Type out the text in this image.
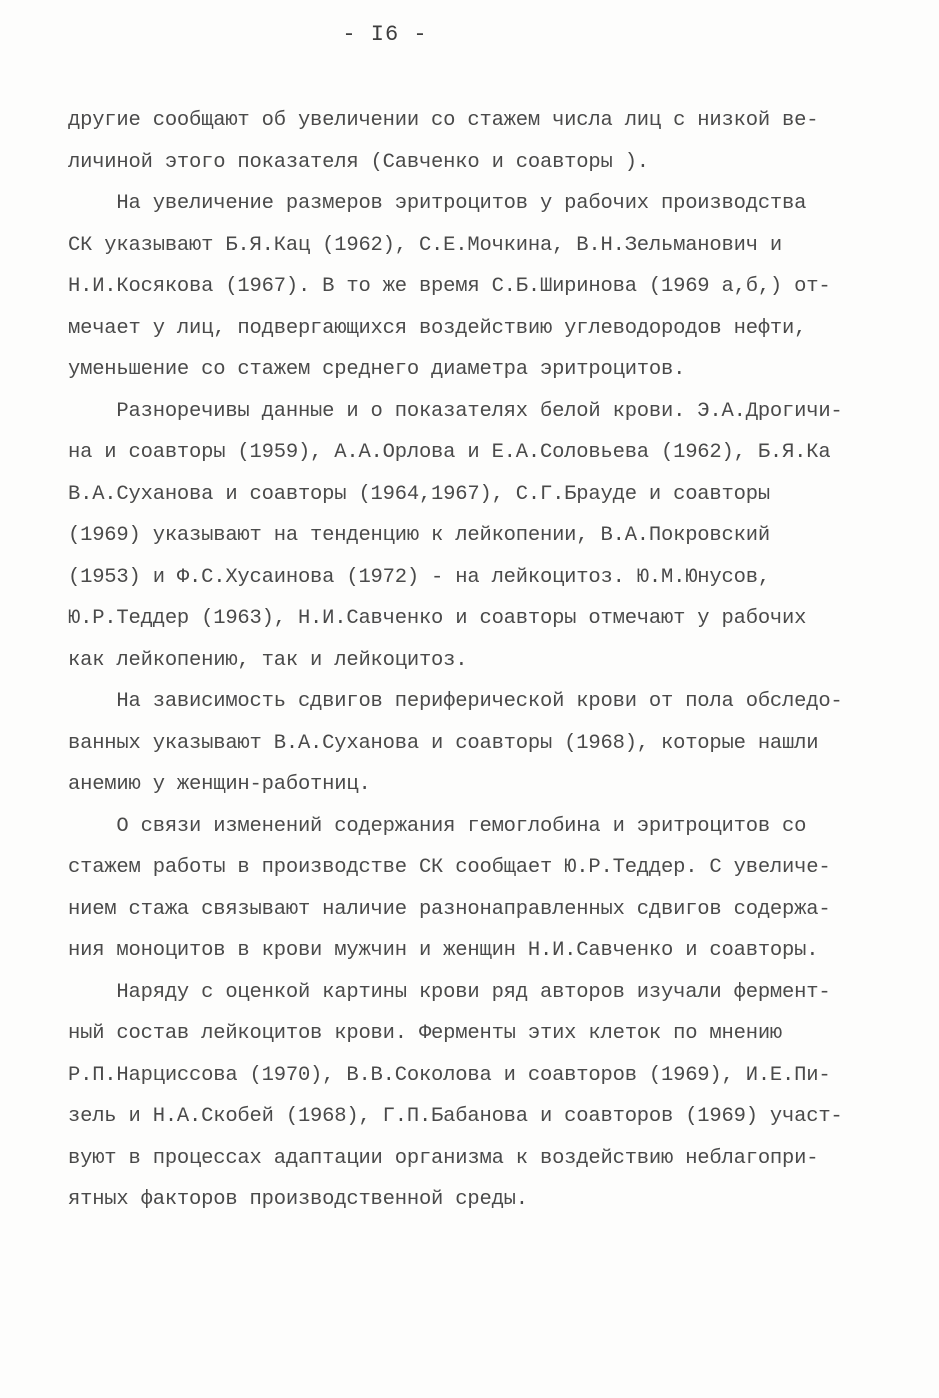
- I6 -
другие сообщают об увеличении со стажем числа лиц с низкой ве-
личиной этого показателя (Савченко и соавторы ).
На увеличение размеров эритроцитов у рабочих производства
СК указывают Б.Я.Кац (1962), С.Е.Мочкина, В.Н.Зельманович и
Н.И.Косякова (1967). В то же время С.Б.Ширинова (1969 а,б,) от-
мечает у лиц, подвергающихся воздействию углеводородов нефти,
уменьшение со стажем среднего диаметра эритроцитов.
Разноречивы данные и о показателях белой крови. Э.А.Дрогичи-
на и соавторы (1959), А.А.Орлова и Е.А.Соловьева (1962), Б.Я.Ка
В.А.Суханова и соавторы (1964,1967), С.Г.Брауде и соавторы
(1969) указывают на тенденцию к лейкопении, В.А.Покровский
(1953) и Ф.С.Хусаинова (1972) - на лейкоцитоз. Ю.М.Юнусов,
Ю.Р.Теддер (1963), Н.И.Савченко и соавторы отмечают у рабочих
как лейкопению, так и лейкоцитоз.
На зависимость сдвигов периферической крови от пола обследо-
ванных указывают В.А.Суханова и соавторы (1968), которые нашли
анемию у женщин-работниц.
О связи изменений содержания гемоглобина и эритроцитов со
стажем работы в производстве СК сообщает Ю.Р.Теддер. С увеличе-
нием стажа связывают наличие разнонаправленных сдвигов содержа-
ния моноцитов в крови мужчин и женщин Н.И.Савченко и соавторы.
Наряду с оценкой картины крови ряд авторов изучали фермент-
ный состав лейкоцитов крови. Ферменты этих клеток по мнению
Р.П.Нарциссова (1970), В.В.Соколова и соавторов (1969), И.Е.Пи-
зель и Н.А.Скобей (1968), Г.П.Бабанова и соавторов (1969) участ-
вуют в процессах адаптации организма к воздействию неблагопри-
ятных факторов производственной среды.
